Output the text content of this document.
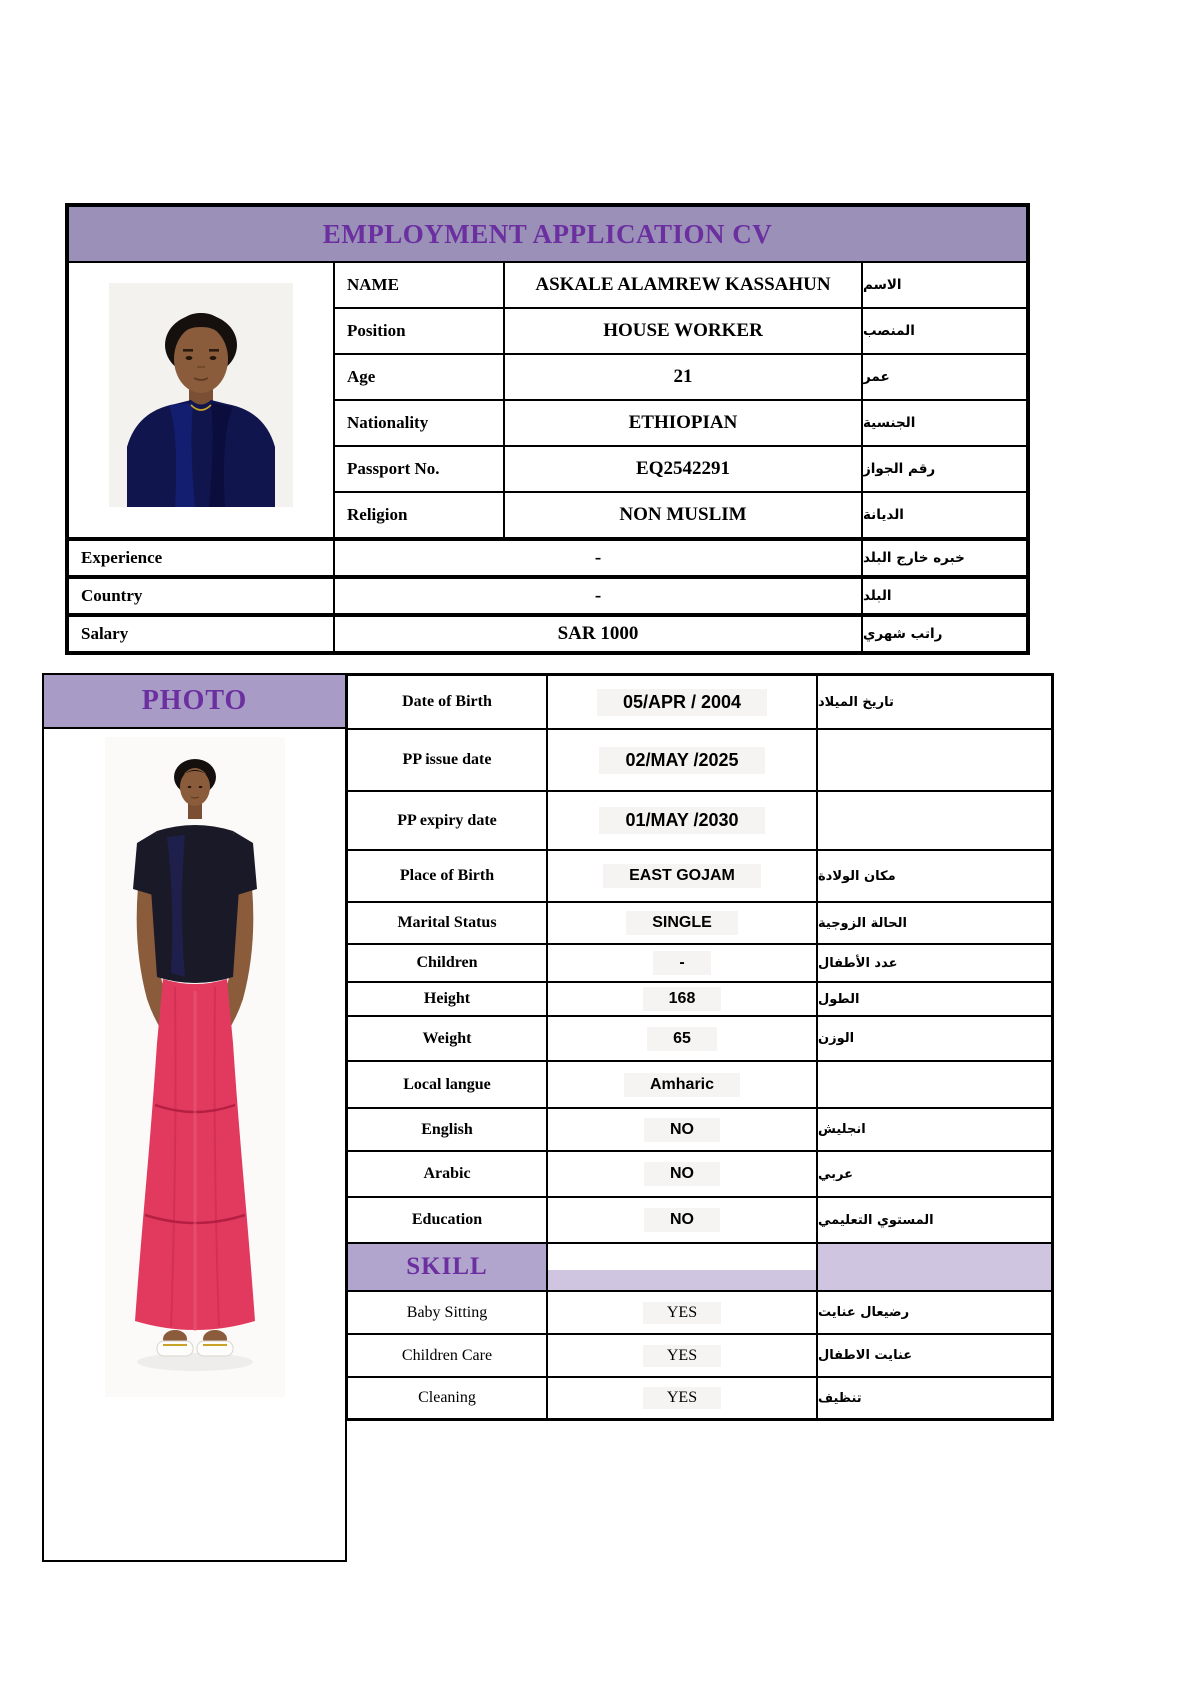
EMPLOYMENT APPLICATION CV
NAME	ASKALE ALAMREW KASSAHUN	الاسم
Position	HOUSE WORKER	المنصب
Age	21	عمر
Nationality	ETHIOPIAN	الجنسية
Passport No.	EQ2542291	رقم الجواز
Religion	NON MUSLIM	الديانة
Experience	-	خبره خارج البلد
Country	-	البلد
Salary	SAR 1000	راتب شهري
PHOTO	Date of Birth	05/APR / 2004	تاريخ الميلاد
PP issue date	02/MAY /2025
PP expiry date	01/MAY /2030
Place of Birth	EAST GOJAM	مكان الولادة
Marital Status	SINGLE	الحالة الزوجية
Children	-	عدد الأطفال
Height	168	الطول
Weight	65	الوزن
Local langue	Amharic
English	NO	انجليش
Arabic	NO	عربي
Education	NO	المستوي التعليمي
SKILL
Baby Sitting	YES	رضيعال عنايت
Children Care	YES	عنايت الاطفال
Cleaning	YES	تنظيف
